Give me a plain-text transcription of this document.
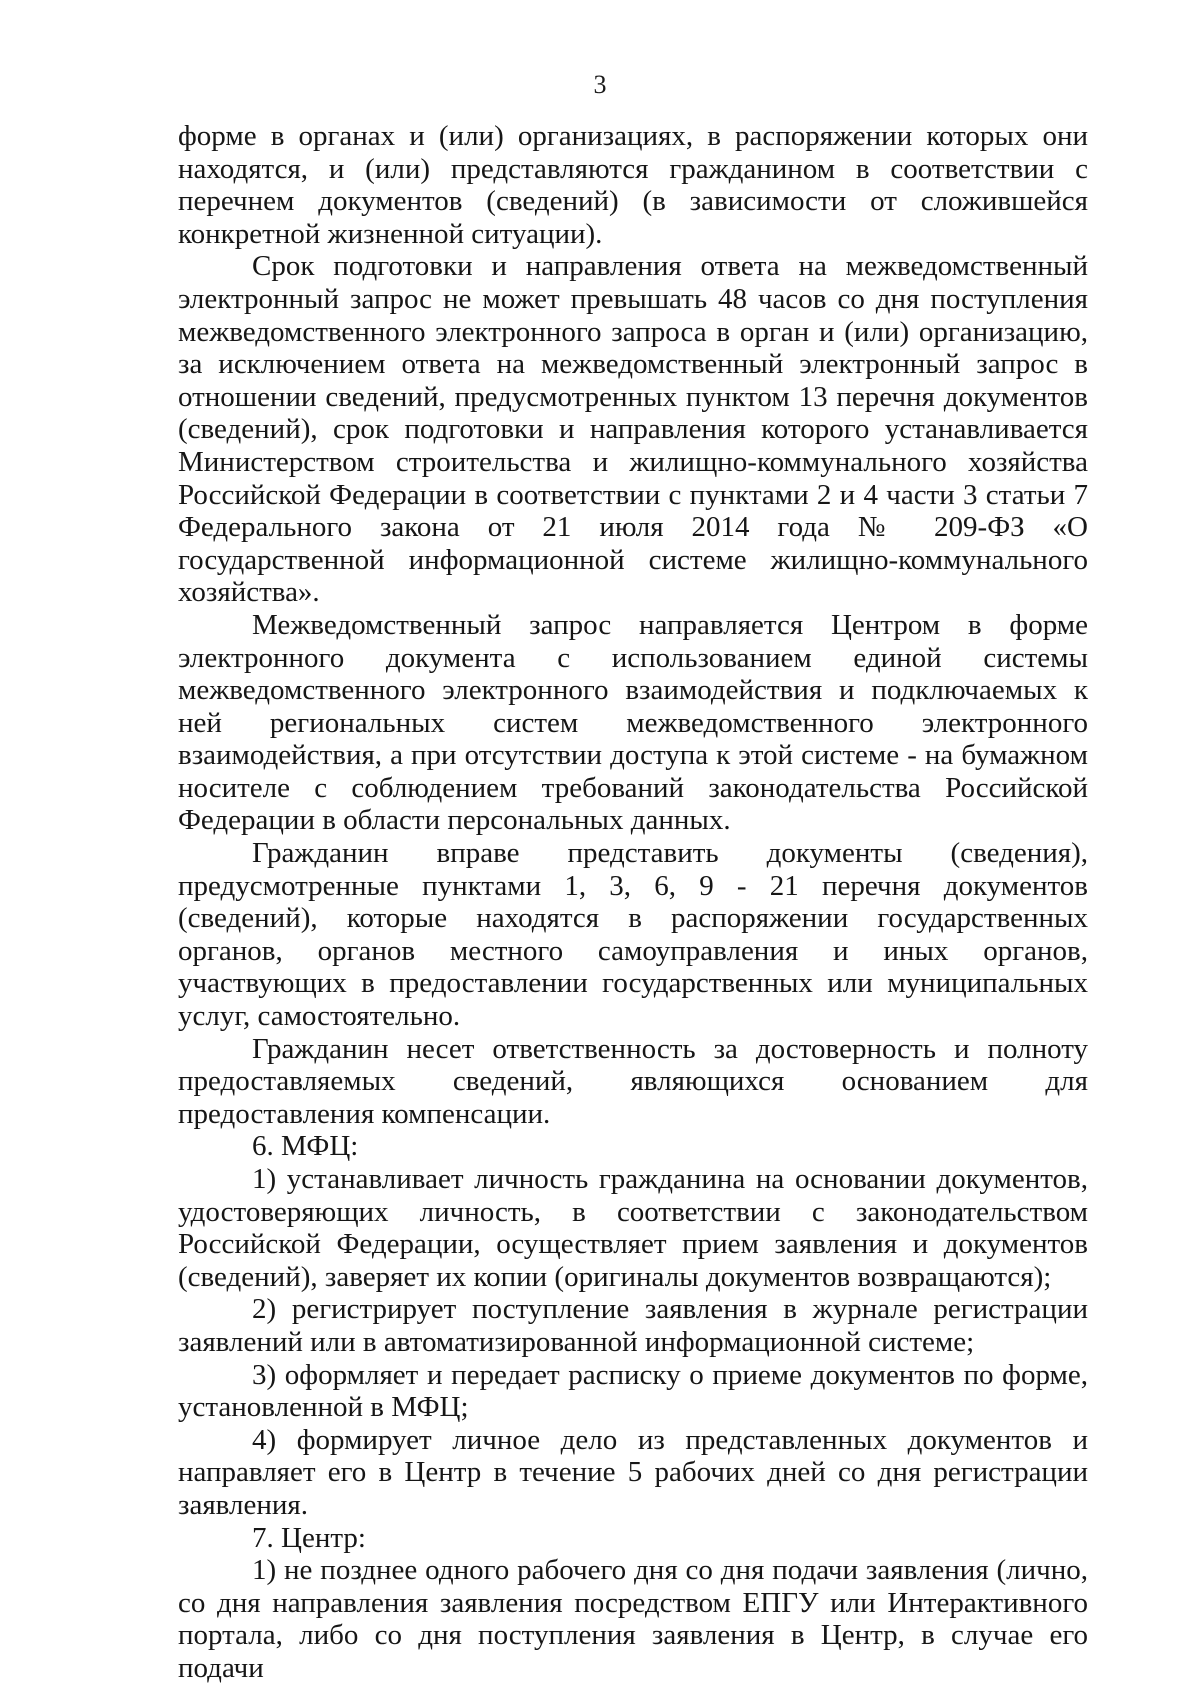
3

форме в органах и (или) организациях, в распоряжении которых они находятся, и (или) представляются гражданином в соответствии с перечнем документов (сведений) (в зависимости от сложившейся конкретной жизненной ситуации).

Срок подготовки и направления ответа на межведомственный электронный запрос не может превышать 48 часов со дня поступления межведомственного электронного запроса в орган и (или) организацию, за исключением ответа на межведомственный электронный запрос в отношении сведений, предусмотренных пунктом 13 перечня документов (сведений), срок подготовки и направления которого устанавливается Министерством строительства и жилищно-коммунального хозяйства Российской Федерации в соответствии с пунктами 2 и 4 части 3 статьи 7 Федерального закона от 21 июля 2014 года № 209-ФЗ «О государственной информационной системе жилищно-коммунального хозяйства».

Межведомственный запрос направляется Центром в форме электронного документа с использованием единой системы межведомственного электронного взаимодействия и подключаемых к ней региональных систем межведомственного электронного взаимодействия, а при отсутствии доступа к этой системе - на бумажном носителе с соблюдением требований законодательства Российской Федерации в области персональных данных.

Гражданин вправе представить документы (сведения), предусмотренные пунктами 1, 3, 6, 9 - 21 перечня документов (сведений), которые находятся в распоряжении государственных органов, органов местного самоуправления и иных органов, участвующих в предоставлении государственных или муниципальных услуг, самостоятельно.

Гражданин несет ответственность за достоверность и полноту предоставляемых сведений, являющихся основанием для предоставления компенсации.

6. МФЦ:

1) устанавливает личность гражданина на основании документов, удостоверяющих личность, в соответствии с законодательством Российской Федерации, осуществляет прием заявления и документов (сведений), заверяет их копии (оригиналы документов возвращаются);

2) регистрирует поступление заявления в журнале регистрации заявлений или в автоматизированной информационной системе;

3) оформляет и передает расписку о приеме документов по форме, установленной в МФЦ;

4) формирует личное дело из представленных документов и направляет его в Центр в течение 5 рабочих дней со дня регистрации заявления.

7. Центр:

1) не позднее одного рабочего дня со дня подачи заявления (лично, со дня направления заявления посредством ЕПГУ или Интерактивного портала, либо со дня поступления заявления в Центр, в случае его подачи
